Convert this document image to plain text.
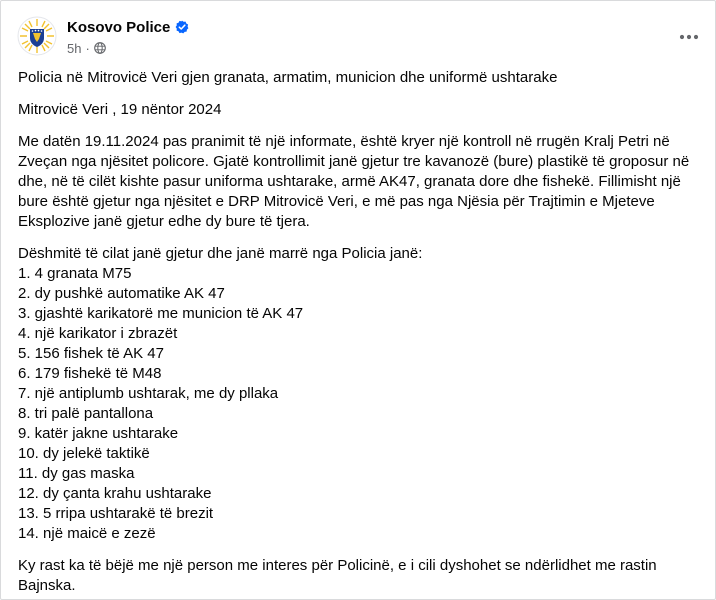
Kosovo Police
5h ·

Policia në Mitrovicë Veri gjen granata, armatim, municion dhe uniformë ushtarake

Mitrovicë Veri , 19 nëntor 2024

Me datën 19.11.2024 pas pranimit të një informate, është kryer një kontroll në rrugën Kralj Petri në Zveçan nga njësitet policore. Gjatë kontrollimit janë gjetur tre kavanozë (bure) plastikë të groposur në dhe, në të cilët kishte pasur uniforma ushtarake, armë AK47, granata dore dhe fishekë. Fillimisht një bure është gjetur nga njësitet e DRP Mitrovicë Veri, e më pas nga Njësia për Trajtimin e Mjeteve Eksplozive janë gjetur edhe dy bure të tjera.

Dëshmitë të cilat janë gjetur dhe janë marrë nga Policia janë:
1. 4 granata M75
2. dy pushkë automatike AK 47
3. gjashtë karikatorë me municion të AK 47
4. një karikator i zbrazët
5. 156 fishek të AK 47
6. 179 fishekë të M48
7. një antiplumb ushtarak, me dy pllaka
8. tri palë pantallona
9. katër jakne ushtarake
10. dy jelekë taktikë
11. dy gas maska
12. dy çanta krahu ushtarake
13. 5 rripa ushtarakë të brezit
14. një maicë e zezë

Ky rast ka të bëjë me një person me interes për Policinë, e i cili dyshohet se ndërlidhet me rastin Bajnska.
